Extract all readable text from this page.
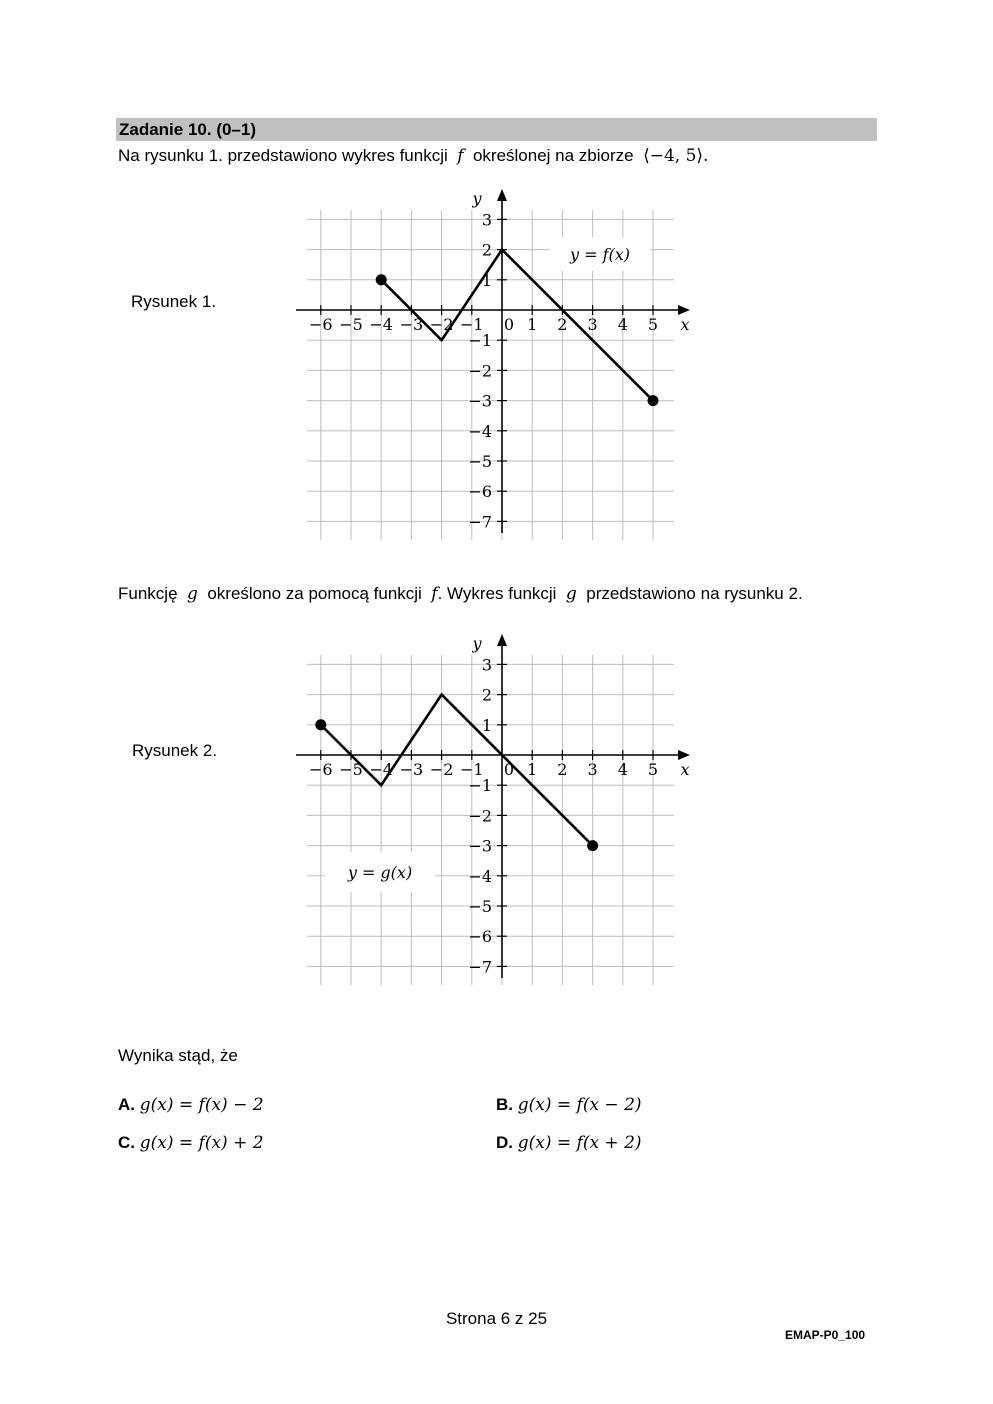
Zadanie 10. (0–1)
Na rysunku 1. przedstawiono wykres funkcji f określonej na zbiorze ⟨−4, 5⟩.
Rysunek 1.
y = f(x)
x
y
−6 −5 −4 −3 −2 −1 0 1 2 3 4 5
3
2
1
−1
−2
−3
−4
−5
−6
−7
Funkcję g określono za pomocą funkcji f. Wykres funkcji g przedstawiono na rysunku 2.
Rysunek 2.
y = g(x)
x
y
−6 −5 −4 −3 −2 −1 0 1 2 3 4 5
3
2
1
−1
−2
−3
−4
−5
−6
−7
Wynika stąd, że
A. g(x) = f(x) − 2	B. g(x) = f(x − 2)
C. g(x) = f(x) + 2	D. g(x) = f(x + 2)
Strona 6 z 25
EMAP-P0_100
